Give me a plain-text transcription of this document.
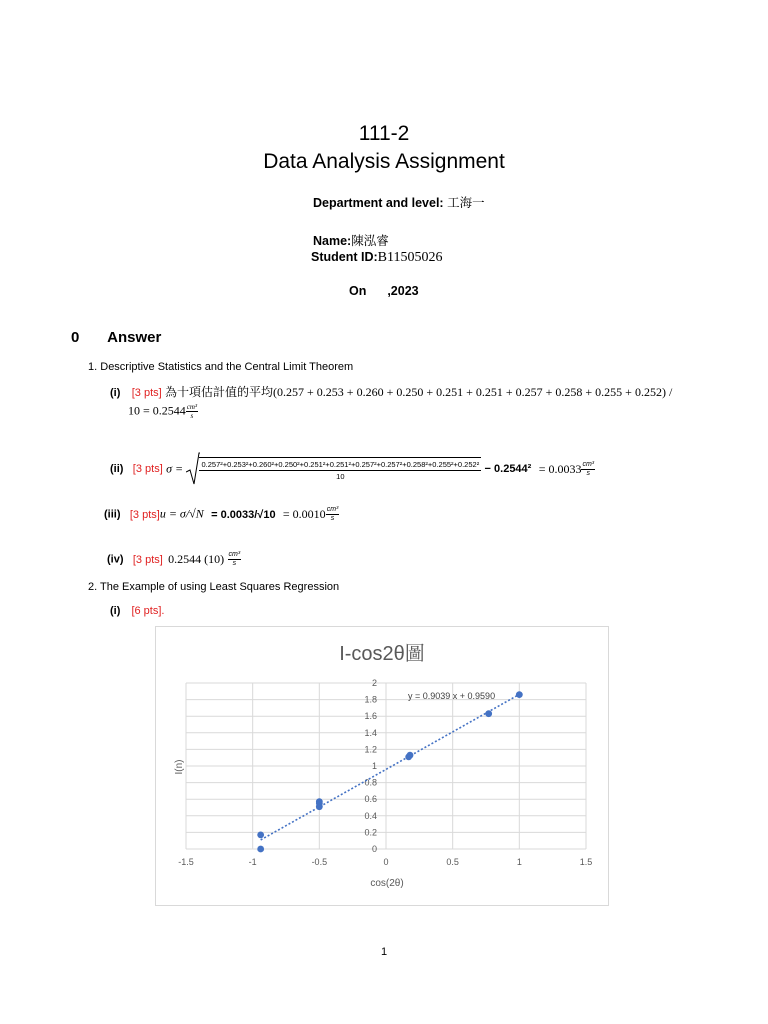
111-2
Data Analysis Assignment
Department and level: 工海一
Name:陳泓睿
Student ID:B11505026
On ,2023
0 Answer
1. Descriptive Statistics and the Central Limit Theorem
(i) [3 pts] 為十項估計值的平均(0.257 + 0.253 + 0.260 + 0.250 + 0.251 + 0.251 + 0.257 + 0.258 + 0.255 + 0.252) /
$10 = 0.2544 \frac{\text{cm³}}{s}$
(ii) [3 pts] σ = 0.257²+0.253²+0.260²+0.250²+0.251²+0.251²+0.257²+0.257²+0.258²+0.255²+0.252²
10
− $0.2544^2 = 0.0033 \frac{\text{cm³}}{s}$
(iii) [3 $pts]u = \sigma/√N = 0.0033/√10 = 0.0010 \frac{\text{cm³}}{s}$
(iv) [3 pts] 0.2544 $(10) \frac{\text{cm³}}{s}$
2. The Example of using Least Squares Regression
(i) [6 pts].
I-cos2θ圖
cos(2θ)
I(n)
-1.5	-1	-0.5	0	0.5	1	1.5
0
0.2
0.4
0.6
0.8
1
1.2
1.4
1.6
1.8
2
y = 0.9039 x + 0.9590
1
